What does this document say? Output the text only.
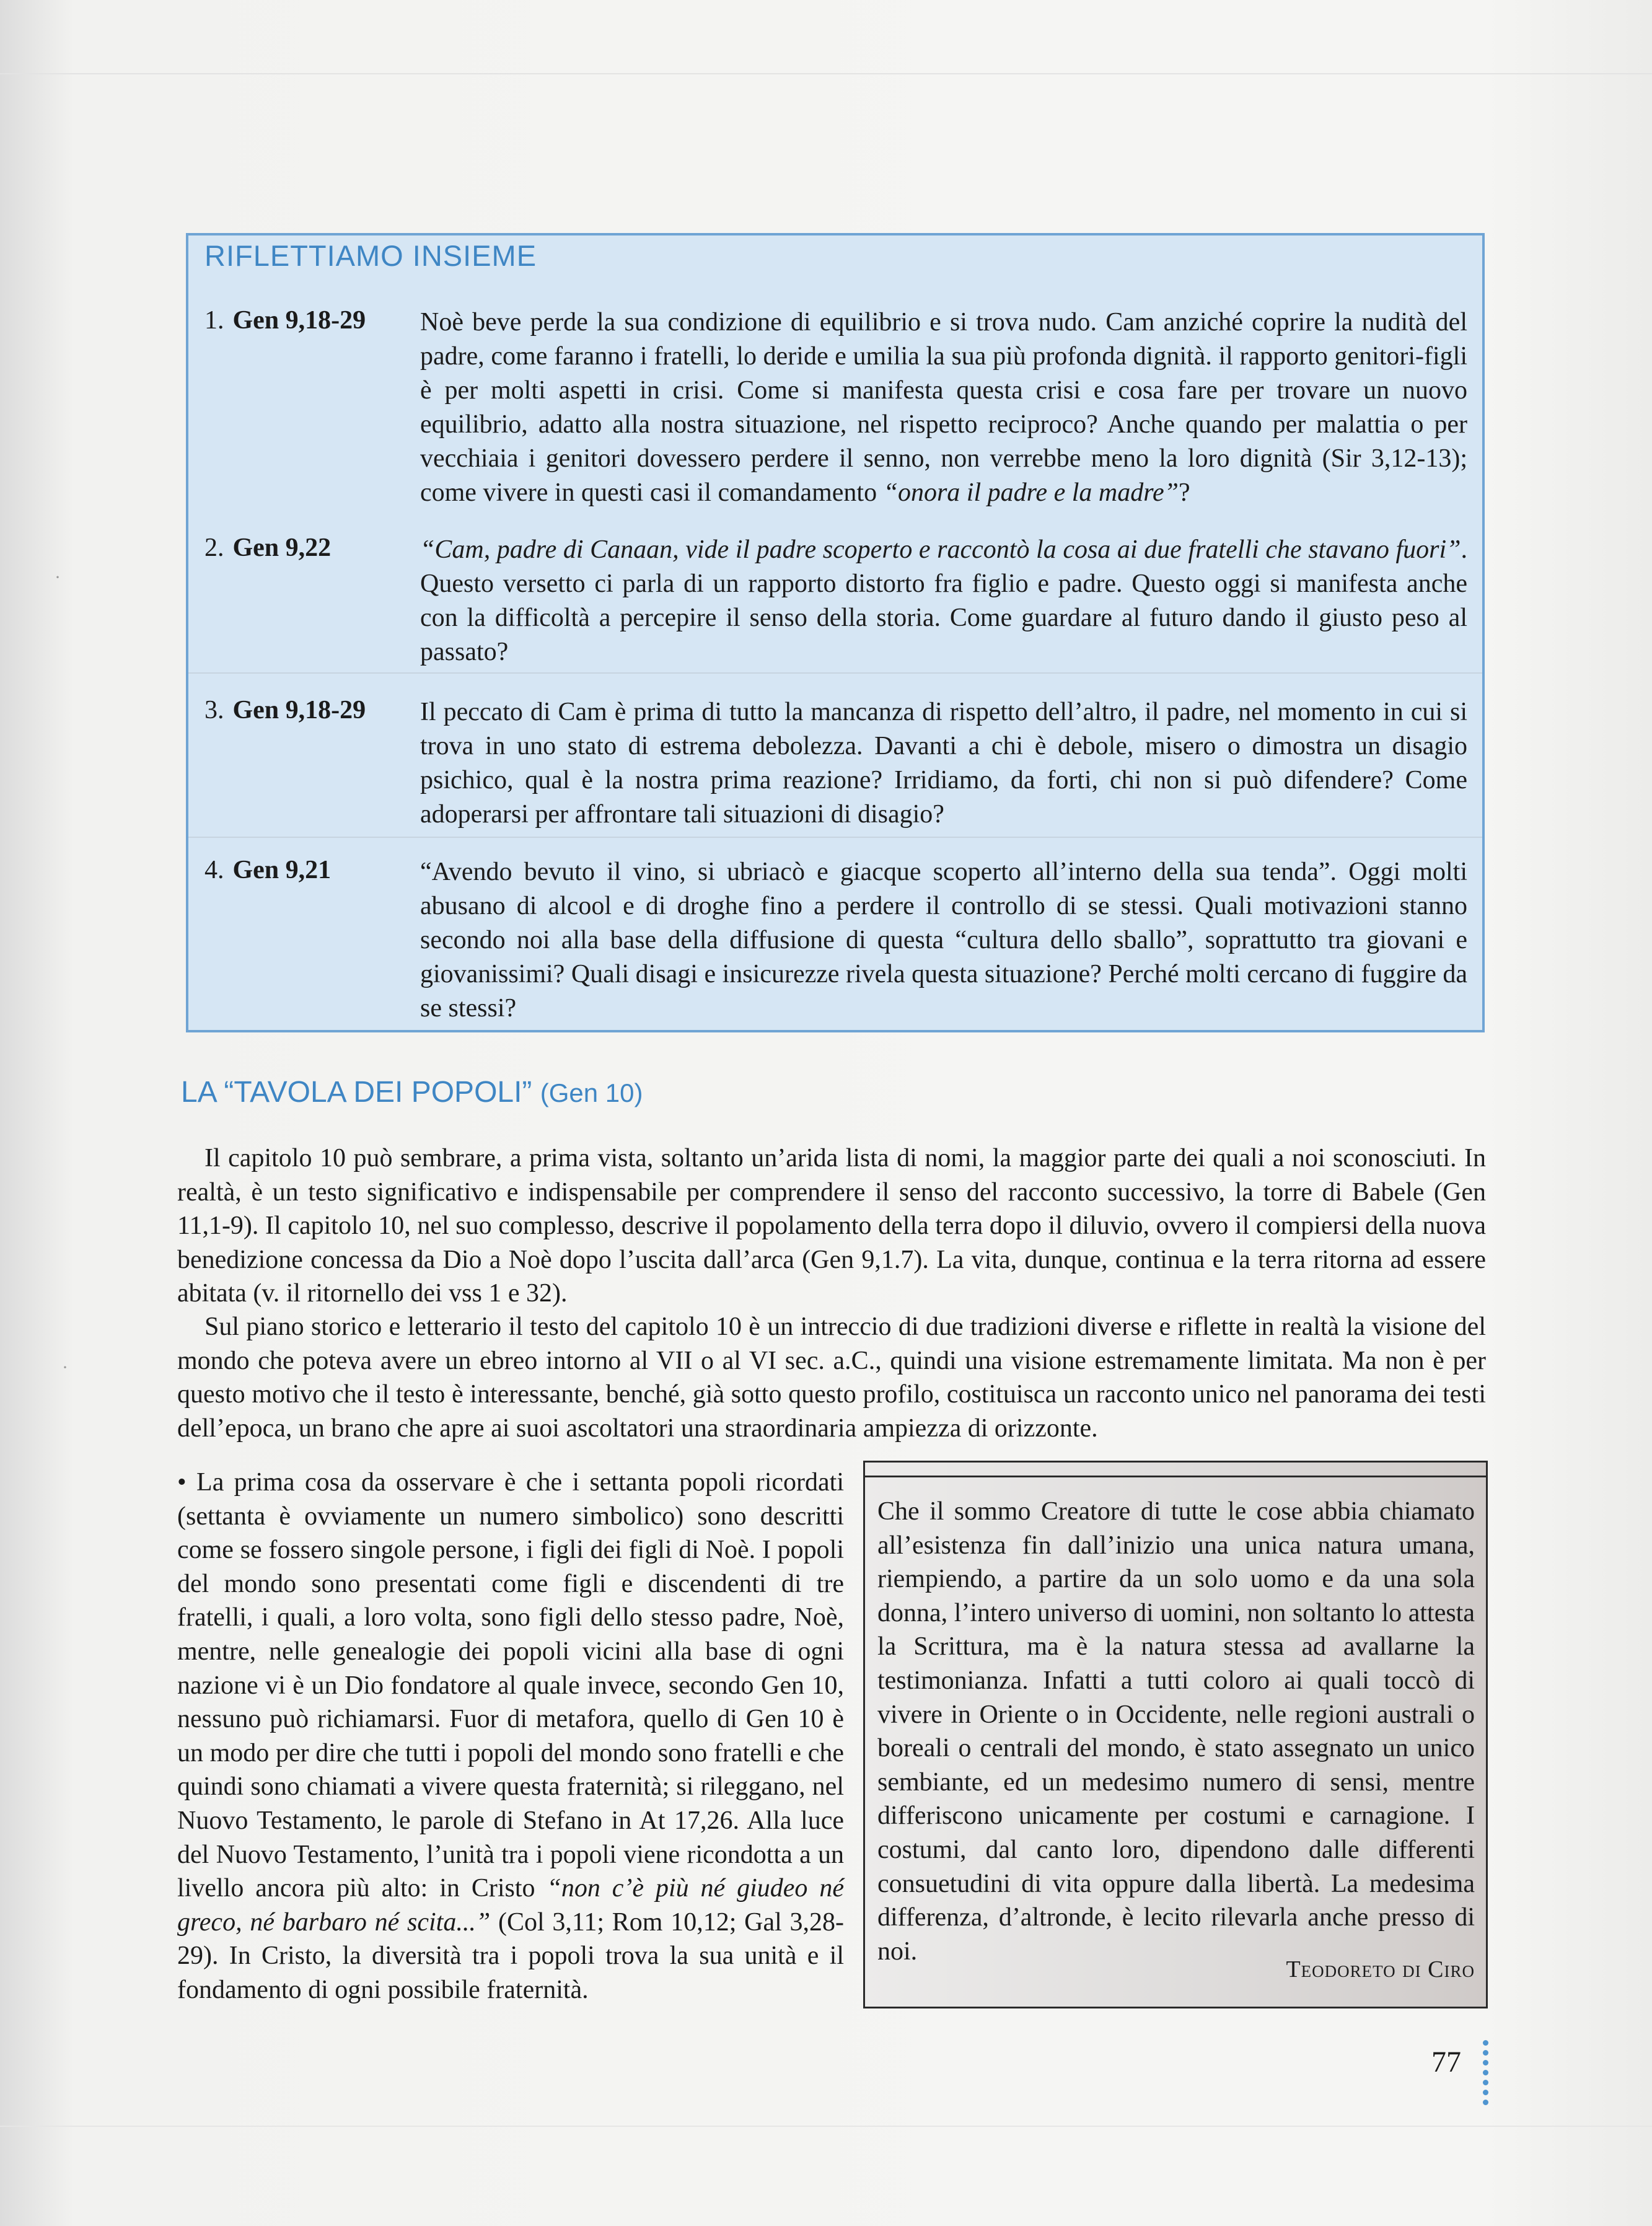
·
·
RIFLETTIAMO INSIEME
1. Gen 9,18-29 Noè beve perde la sua condizione di equilibrio e si trova nudo. Cam anziché coprire la nudità del padre, come faranno i fratelli, lo deride e umilia la sua più profonda dignità. il rapporto genitori-figli è per molti aspetti in crisi. Come si manifesta questa crisi e cosa fare per trovare un nuovo equilibrio, adatto alla nostra situazione, nel rispetto reciproco? Anche quando per malattia o per vecchiaia i genitori dovessero perdere il senno, non verrebbe meno la loro dignità (Sir 3,12-13); come vivere in questi casi il comandamento “onora il padre e la madre”?
2. Gen 9,22	“Cam, padre di Canaan, vide il padre scoperto e raccontò la cosa ai due fratelli che stavano fuori”. Questo versetto ci parla di un rapporto distorto fra figlio e padre. Questo oggi si manifesta anche con la difficoltà a percepire il senso della storia. Come guardare al futuro dando il giusto peso al passato?
3. Gen 9,18-29 Il peccato di Cam è prima di tutto la mancanza di rispetto dell’altro, il padre, nel momento in cui si trova in uno stato di estrema debolezza. Davanti a chi è debole, misero o dimostra un disagio psichico, qual è la nostra prima reazione? Irridiamo, da forti, chi non si può difendere? Come adoperarsi per affrontare tali situazioni di disagio?
4. Gen 9,21	“Avendo bevuto il vino, si ubriacò e giacque scoperto all’interno della sua tenda”. Oggi molti abusano di alcool e di droghe fino a perdere il controllo di se stessi. Quali motivazioni stanno secondo noi alla base della diffusione di questa “cultura dello sballo”, soprattutto tra giovani e giovanissimi? Quali disagi e insicurezze rivela questa situazione? Perché molti cercano di fuggire da se stessi?
LA “TAVOLA DEI POPOLI” (Gen 10)
Il capitolo 10 può sembrare, a prima vista, soltanto un’arida lista di nomi, la maggior parte dei quali a noi sconosciuti. In realtà, è un testo significativo e indispensabile per comprendere il senso del racconto successivo, la torre di Babele (Gen 11,1-9). Il capitolo 10, nel suo complesso, descrive il popolamento della terra dopo il diluvio, ovvero il compiersi della nuova benedizione concessa da Dio a Noè dopo l’uscita dall’arca (Gen 9,1.7). La vita, dunque, continua e la terra ritorna ad essere abitata (v. il ritornello dei vss 1 e 32).
Sul piano storico e letterario il testo del capitolo 10 è un intreccio di due tradizioni diverse e riflette in realtà la visione del mondo che poteva avere un ebreo intorno al VII o al VI sec. a.C., quindi una visione estremamente limitata. Ma non è per questo motivo che il testo è interessante, benché, già sotto questo profilo, costituisca un racconto unico nel panorama dei testi dell’epoca, un brano che apre ai suoi ascoltatori una straordinaria ampiezza di orizzonte.
• La prima cosa da osservare è che i settanta popoli ricordati (settanta è ovviamente un numero simbolico) sono descritti come se fossero singole persone, i figli dei figli di Noè. I popoli del mondo sono presentati come figli e discendenti di tre fratelli, i quali, a loro volta, sono figli dello stesso padre, Noè, mentre, nelle genealogie dei popoli vicini alla base di ogni nazione vi è un Dio fondatore al quale invece, secondo Gen 10, nessuno può richiamarsi. Fuor di metafora, quello di Gen 10 è un modo per dire che tutti i popoli del mondo sono fratelli e che quindi sono chiamati a vivere questa fraternità; si rileggano, nel Nuovo Testamento, le parole di Stefano in At 17,26. Alla luce del Nuovo Testamento, l’unità tra i popoli viene ricondotta a un livello ancora più alto: in Cristo “non c’è più né giudeo né greco, né barbaro né scita...” (Col 3,11; Rom 10,12; Gal 3,28-29). In Cristo, la diversità tra i popoli trova la sua unità e il fondamento di ogni possibile fraternità.
Che il sommo Creatore di tutte le cose abbia chiamato all’esistenza fin dall’inizio una unica natura umana, riempiendo, a partire da un solo uomo e da una sola donna, l’intero universo di uomini, non soltanto lo attesta la Scrittura, ma è la natura stessa ad avallarne la testimonianza. Infatti a tutti coloro ai quali toccò di vivere in Oriente o in Occidente, nelle regioni australi o boreali o centrali del mondo, è stato assegnato un unico sembiante, ed un medesimo numero di sensi, mentre differiscono unicamente per costumi e carnagione. I costumi, dal canto loro, dipendono dalle differenti consuetudini di vita oppure dalla libertà. La medesima differenza, d’altronde, è lecito rilevarla anche presso di noi.
Teodoreto di Ciro
77
